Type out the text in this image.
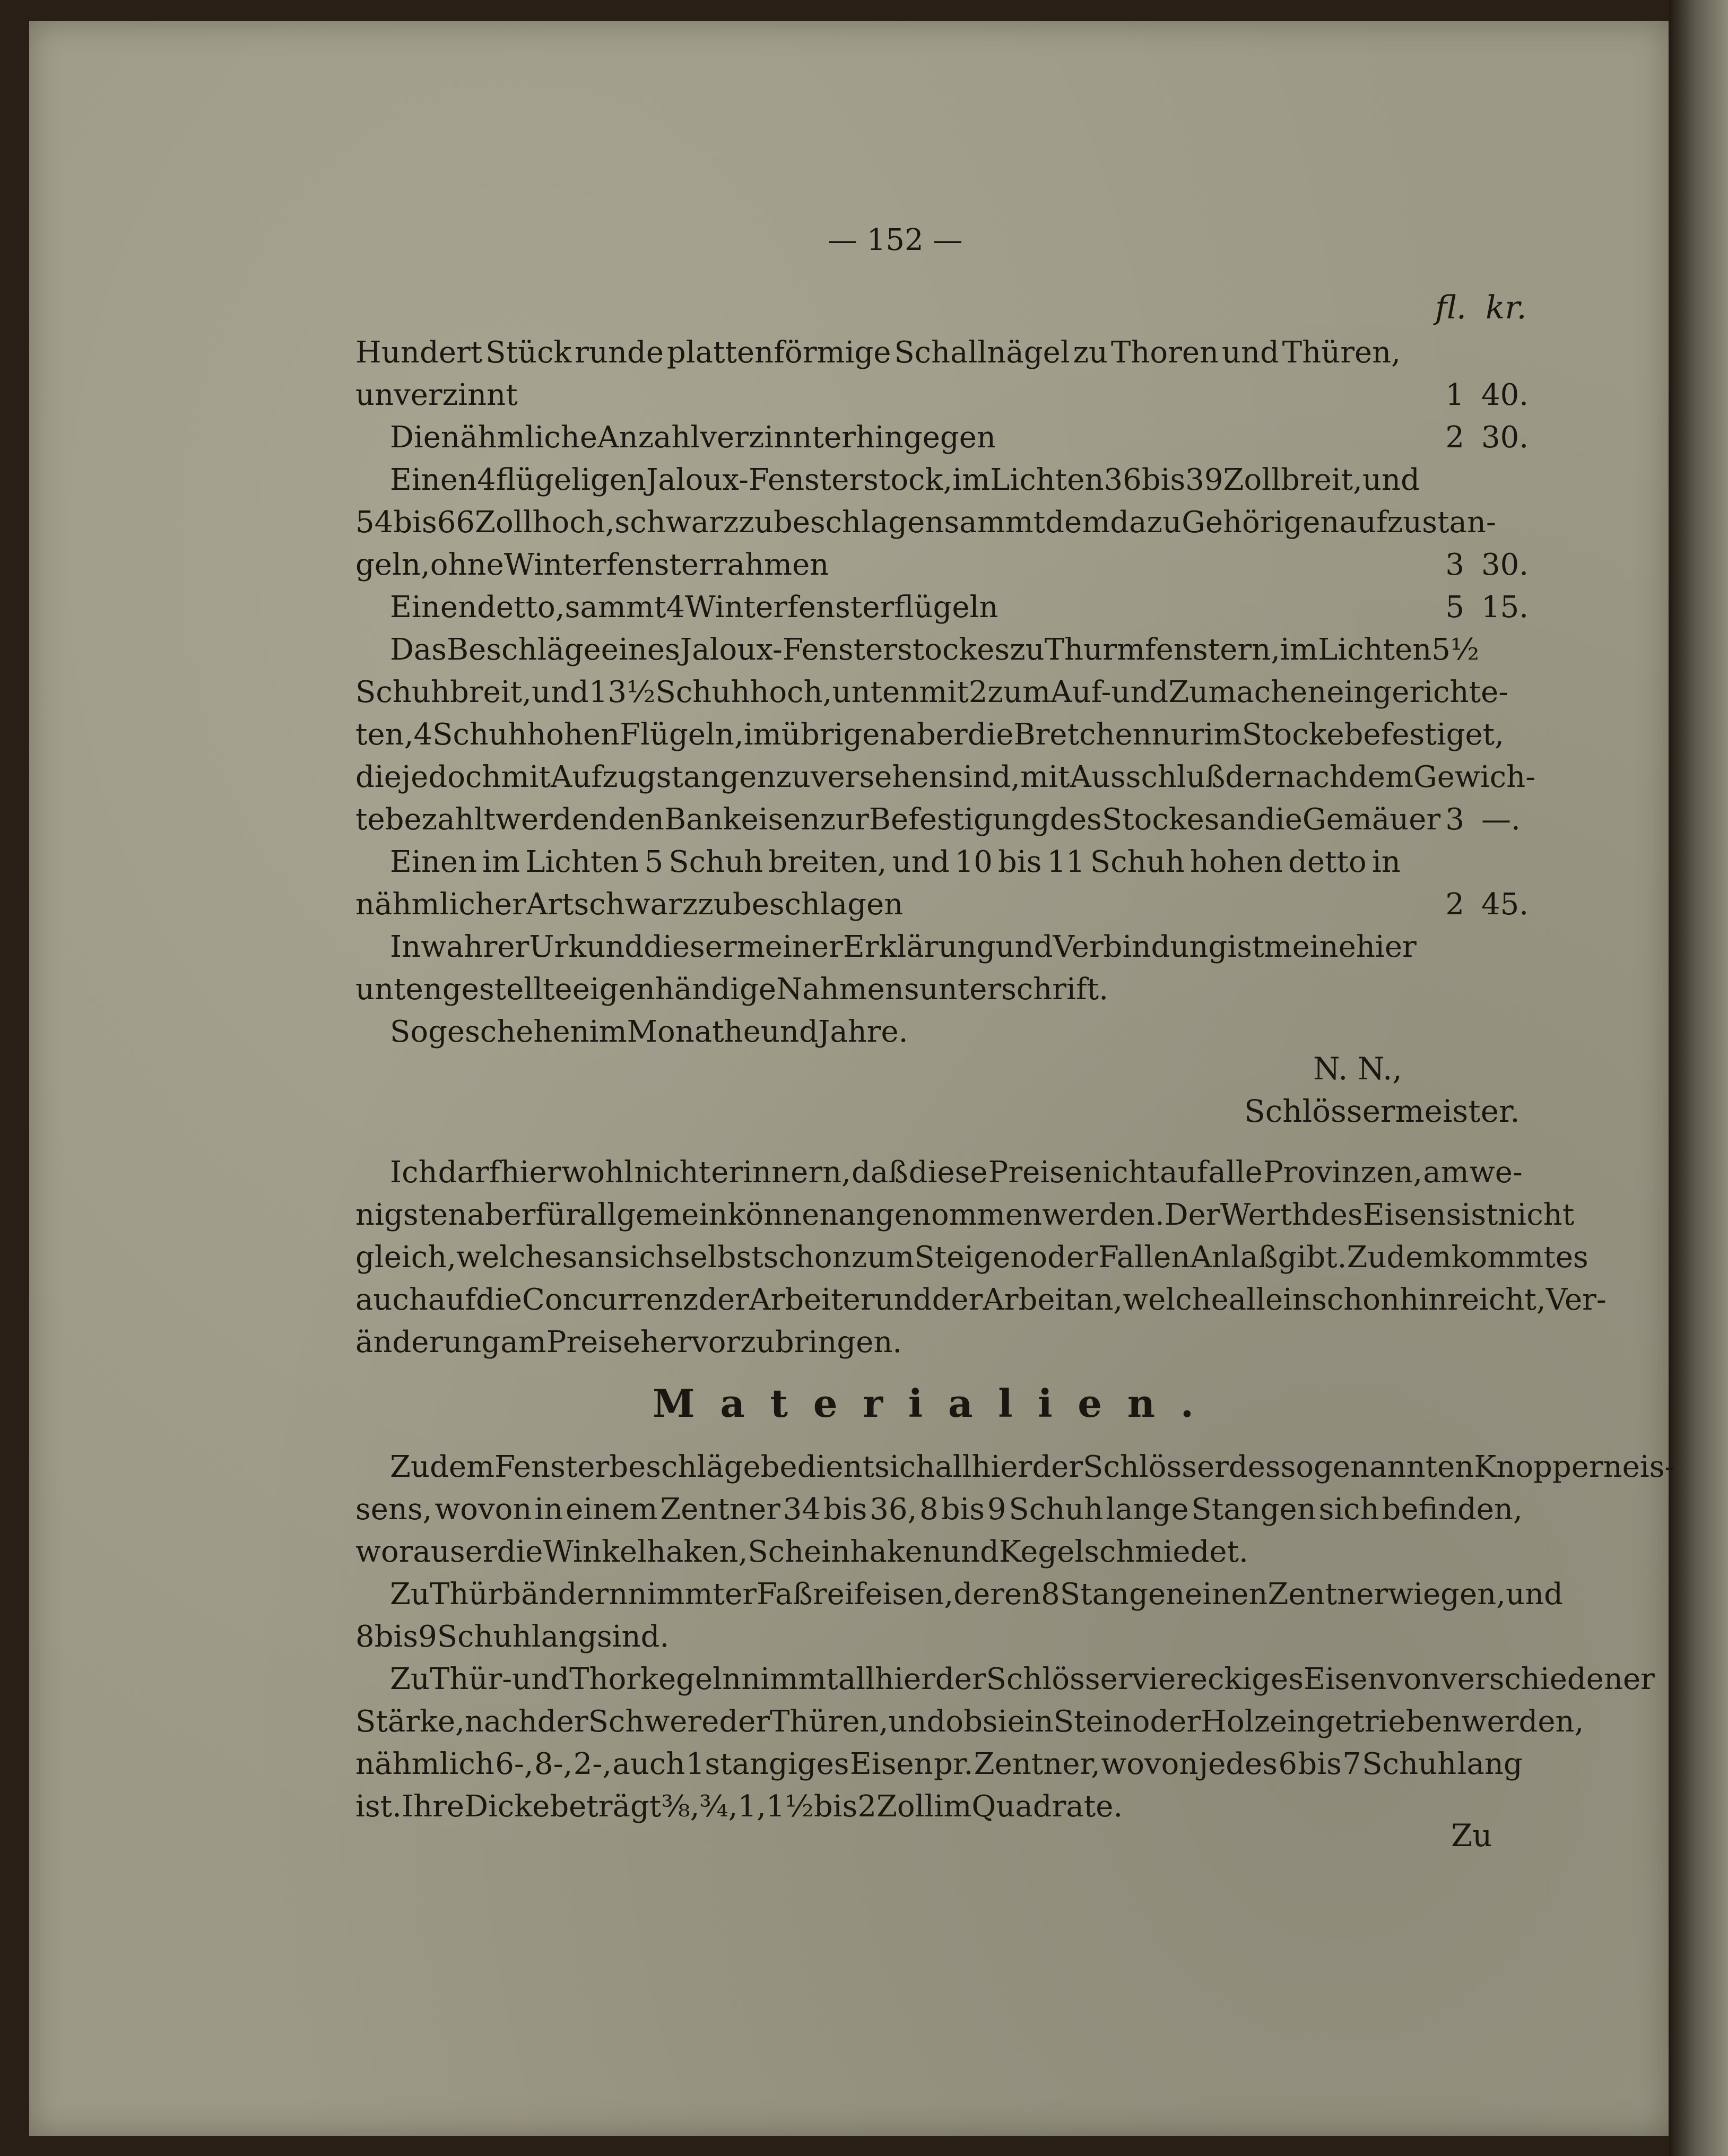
— 152 —
fl. kr.
Hundert Stück runde plattenförmige Schallnägel zu Thoren und Thüren,
unverzinnt	1 40.
Die nähmliche Anzahl verzinnter hingegen	2 30.
Einen 4flügeligen Jaloux-Fensterstock, im Lichten 36 bis 39 Zoll breit, und
54 bis 66 Zoll hoch, schwarz zu beschlagen sammt dem dazu Gehörigen aufzustan-
geln, ohne Winterfensterrahmen	3 30.
Einen detto, sammt 4 Winterfensterflügeln	5 15.
Das Beschläge eines Jaloux-Fensterstockes zu Thurmfenstern, im Lichten 5½
Schuh breit, und 13½ Schuh hoch, unten mit 2 zum Auf- und Zumachen eingerichte-
ten, 4 Schuh hohen Flügeln, im übrigen aber die Bretchen nur im Stocke befestiget,
die jedoch mit Aufzugstangen zu versehen sind, mit Ausschluß der nach dem Gewich-
te bezahlt werdenden Bankeisen zur Befestigung des Stockes an die Gemäuer 3 —.
Einen im Lichten 5 Schuh breiten, und 10 bis 11 Schuh hohen detto in
nähmlicher Art schwarz zu beschlagen	2 45.
In wahrer Urkund dieser meiner Erklärung und Verbindung ist meine hier
unten gestellte eigenhändige Nahmensunterschrift.
So geschehen im Monathe und Jahre.
Ich darf hier wohl nicht erinnern, daß diese Preise nicht auf alle Provinzen, am we-
nigsten aber für allgemein können angenommen werden. Der Werth des Eisens ist nicht
gleich, welches an sich selbst schon zum Steigen oder Fallen Anlaß gibt. Zudem kommt es
auch auf die Concurrenz der Arbeiter und der Arbeit an, welche allein schon hinreicht, Ver-
änderung am Preise hervorzubringen.
Zu dem Fensterbeschläge bedient sich allhier der Schlösser des sogenannten Knopperneis-
sens, wovon in einem Zentner 34 bis 36, 8 bis 9 Schuh lange Stangen sich befinden,
woraus er die Winkelhaken, Scheinhaken und Kegel schmiedet.
Zu Thürbändern nimmt er Faßreifeisen, deren 8 Stangen einen Zentner wiegen, und
8 bis 9 Schuh lang sind.
Zu Thür- und Thorkegeln nimmt allhier der Schlösser viereckiges Eisen von verschiedener
Stärke, nach der Schwere der Thüren, und ob sie in Stein oder Holz eingetrieben werden,
nähmlich 6-, 8-, 2-, auch 1stangiges Eisen pr. Zentner, wovon jedes 6 bis 7 Schuh lang
ist. Ihre Dicke beträgt ⅜, ¾, 1, 1½ bis 2 Zoll im Quadrate.
N. N.,
Schlössermeister.
M a t e r i a l i e n .
Zu
